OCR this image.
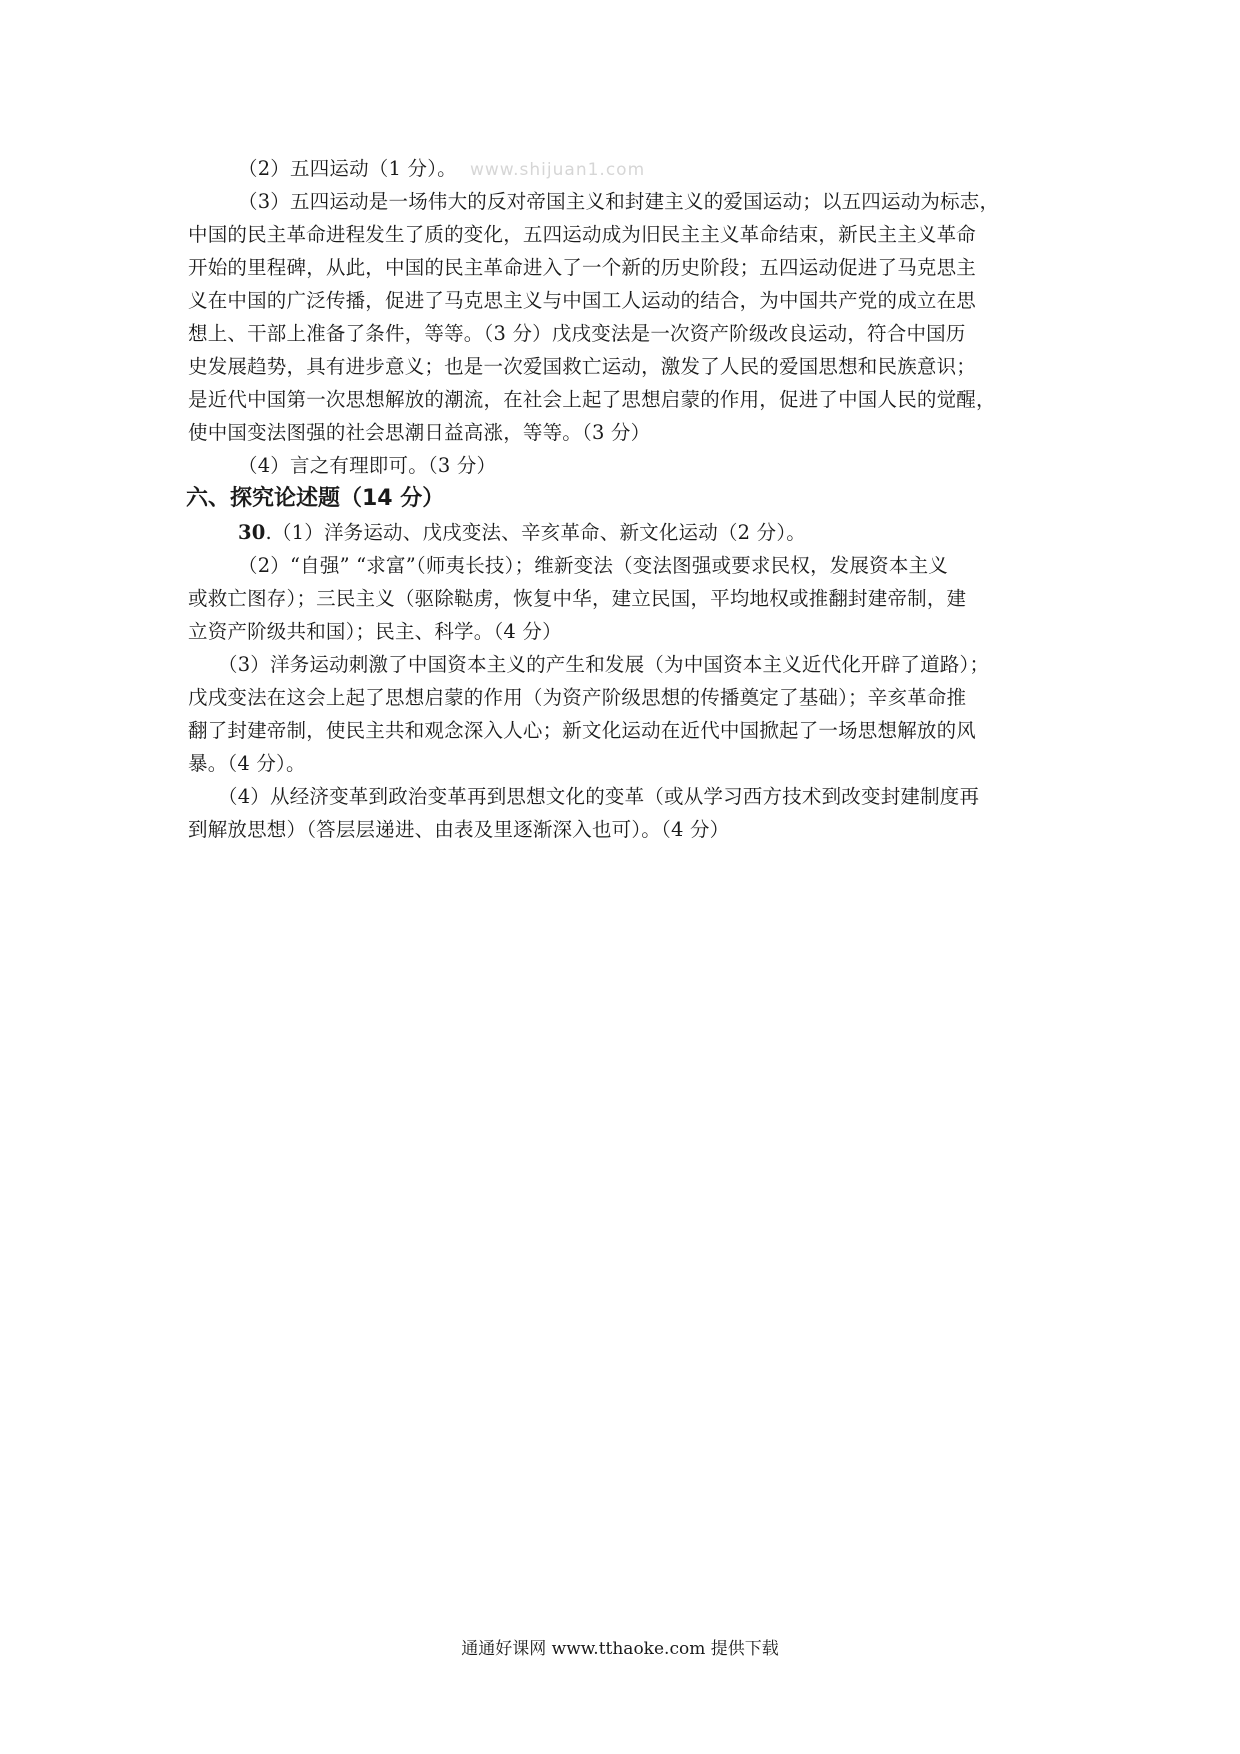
www.shijuan1.com
（2）五四运动（1 分）。
（3）五四运动是一场伟大的反对帝国主义和封建主义的爱国运动；以五四运动为标志，
中国的民主革命进程发生了质的变化，五四运动成为旧民主主义革命结束，新民主主义革命
开始的里程碑，从此，中国的民主革命进入了一个新的历史阶段；五四运动促进了马克思主
义在中国的广泛传播，促进了马克思主义与中国工人运动的结合，为中国共产党的成立在思
想上、干部上准备了条件，等等。（3 分）戊戌变法是一次资产阶级改良运动，符合中国历
史发展趋势，具有进步意义；也是一次爱国救亡运动，激发了人民的爱国思想和民族意识；
是近代中国第一次思想解放的潮流，在社会上起了思想启蒙的作用，促进了中国人民的觉醒，
使中国变法图强的社会思潮日益高涨，等等。（3 分）
（4）言之有理即可。（3 分）
六、探究论述题（14 分）
30.（1）洋务运动、戊戌变法、辛亥革命、新文化运动（2 分）。
（2）“自强” “求富”（师夷长技）；维新变法（变法图强或要求民权，发展资本主义
或救亡图存）；三民主义（驱除鞑虏，恢复中华，建立民国，平均地权或推翻封建帝制，建
立资产阶级共和国）；民主、科学。（4 分）
（3）洋务运动刺激了中国资本主义的产生和发展（为中国资本主义近代化开辟了道路）；
戊戌变法在这会上起了思想启蒙的作用（为资产阶级思想的传播奠定了基础）；辛亥革命推
翻了封建帝制，使民主共和观念深入人心；新文化运动在近代中国掀起了一场思想解放的风
暴。（4 分）。
（4）从经济变革到政治变革再到思想文化的变革（或从学习西方技术到改变封建制度再
到解放思想）（答层层递进、由表及里逐渐深入也可）。（4 分）
通通好课网 www.tthaoke.com 提供下载
